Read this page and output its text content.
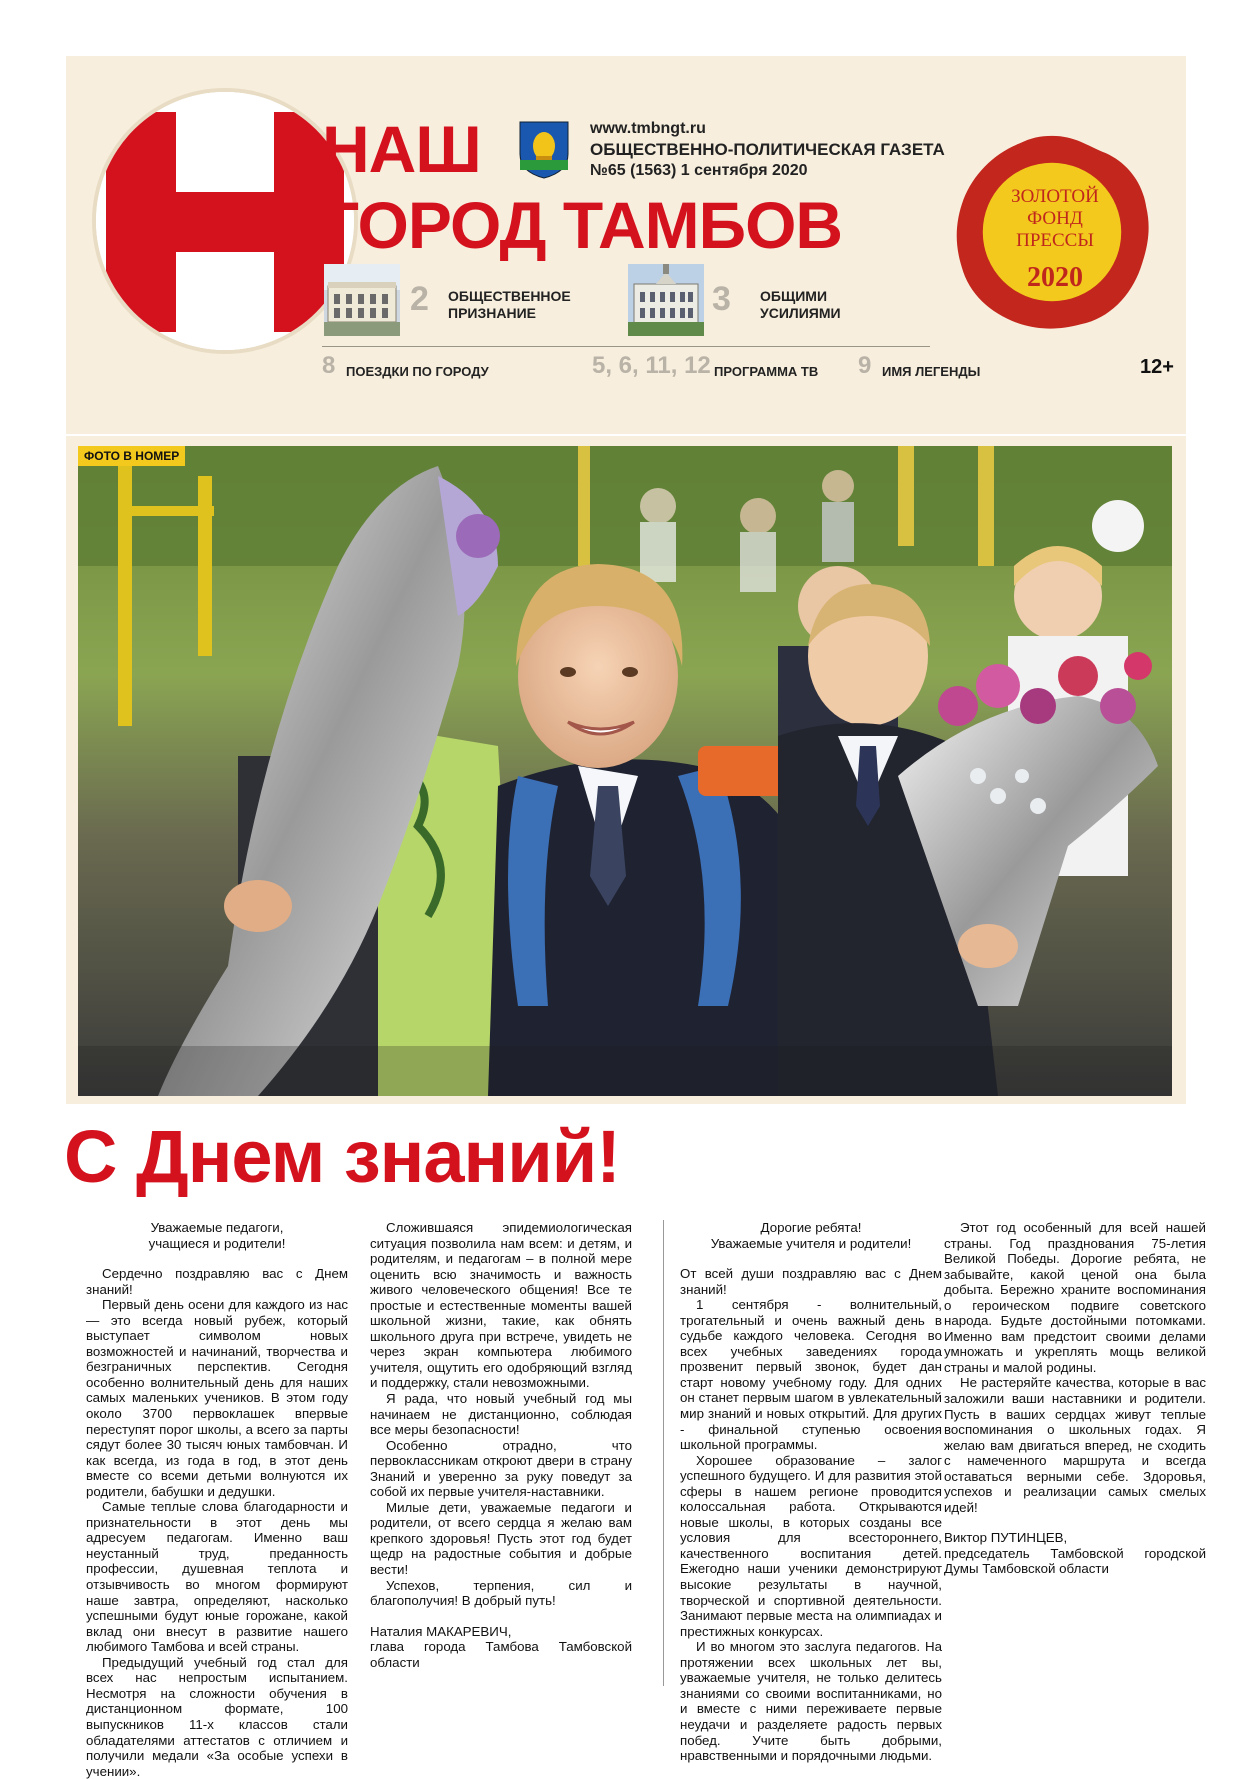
НАШ
ГОРОД ТАМБОВ
www.tmbngt.ru
ОБЩЕСТВЕННО-ПОЛИТИЧЕСКАЯ ГАЗЕТА
№65 (1563) 1 сентября 2020
ЗОЛОТОЙ ФОНД ПРЕССЫ
2020
2 ОБЩЕСТВЕННОЕ
ПРИЗНАНИЕ	3 ОБЩИМИ
УСИЛИЯМИ
8 ПОЕЗДКИ ПО ГОРОДУ	5, 6, 11, 12 ПРОГРАММА ТВ 9 ИМЯ ЛЕГЕНДЫ	12+
ФОТО В НОМЕР
С Днем знаний!

Уважаемые педагоги,

учащиеся и родители!

Сердечно поздравляю вас с Днем знаний!

Первый день осени для каждого из нас — это всегда новый рубеж, который выступает символом новых возможностей и начинаний, творчества и безграничных перспектив. Сегодня особенно волнительный день для наших самых маленьких учеников. В этом году около 3700 первоклашек впервые переступят порог школы, а всего за парты сядут более 30 тысяч юных тамбовчан. И как всегда, из года в год, в этот день вместе со всеми детьми волнуются их родители, бабушки и дедушки.

Самые теплые слова благодарности и признательности в этот день мы адресуем педагогам. Именно ваш неустанный труд, преданность профессии, душевная теплота и отзывчивость во многом формируют наше завтра, определяют, насколько успешными будут юные горожане, какой вклад они внесут в развитие нашего любимого Тамбова и всей страны.

Предыдущий учебный год стал для всех нас непростым испытанием. Несмотря на сложности обучения в дистанционном формате, 100 выпускников 11-х классов стали обладателями аттестатов с отличием и получили медали «За особые успехи в учении».

Сложившаяся эпидемиологическая ситуация позволила нам всем: и детям, и родителям, и педагогам – в полной мере оценить всю значимость и важность живого человеческого общения! Все те простые и естественные моменты вашей школьной жизни, такие, как обнять школьного друга при встрече, увидеть не через экран компьютера любимого учителя, ощутить его одобряющий взгляд и поддержку, стали невозможными.

Я рада, что новый учебный год мы начинаем не дистанционно, соблюдая все меры безопасности!

Особенно отрадно, что первоклассникам откроют двери в страну Знаний и уверенно за руку поведут за собой их первые учителя-наставники.

Милые дети, уважаемые педагоги и родители, от всего сердца я желаю вам крепкого здоровья! Пусть этот год будет щедр на радостные события и добрые вести!

Успехов, терпения, сил и благополучия! В добрый путь!

Наталия МАКАРЕВИЧ,

глава города Тамбова Тамбовской области

Дорогие ребята!

Уважаемые учителя и родители!

От всей души поздравляю вас с Днем знаний!

1 сентября - волнительный, трогательный и очень важный день в судьбе каждого человека. Сегодня во всех учебных заведениях города прозвенит первый звонок, будет дан старт новому учебному году. Для одних он станет первым шагом в увлекательный мир знаний и новых открытий. Для других - финальной ступенью освоения школьной программы.

Хорошее образование – залог успешного будущего. И для развития этой сферы в нашем регионе проводится колоссальная работа. Открываются новые школы, в которых созданы все условия для всестороннего, качественного воспитания детей. Ежегодно наши ученики демонстрируют высокие результаты в научной, творческой и спортивной деятельности. Занимают первые места на олимпиадах и престижных конкурсах.

И во многом это заслуга педагогов. На протяжении всех школьных лет вы, уважаемые учителя, не только делитесь знаниями со своими воспитанниками, но и вместе с ними переживаете первые неудачи и разделяете радость первых побед. Учите быть добрыми, нравственными и порядочными людьми.

Этот год особенный для всей нашей страны. Год празднования 75-летия Великой Победы. Дорогие ребята, не забывайте, какой ценой она была добыта. Бережно храните воспоминания о героическом подвиге советского народа. Будьте достойными потомками. Именно вам предстоит своими делами умножать и укреплять мощь великой страны и малой родины.

Не растеряйте качества, которые в вас заложили ваши наставники и родители. Пусть в ваших сердцах живут теплые воспоминания о школьных годах. Я желаю вам двигаться вперед, не сходить с намеченного маршрута и всегда оставаться верными себе. Здоровья, успехов и реализации самых смелых идей!

Виктор ПУТИНЦЕВ,

председатель Тамбовской городской Думы Тамбовской области
